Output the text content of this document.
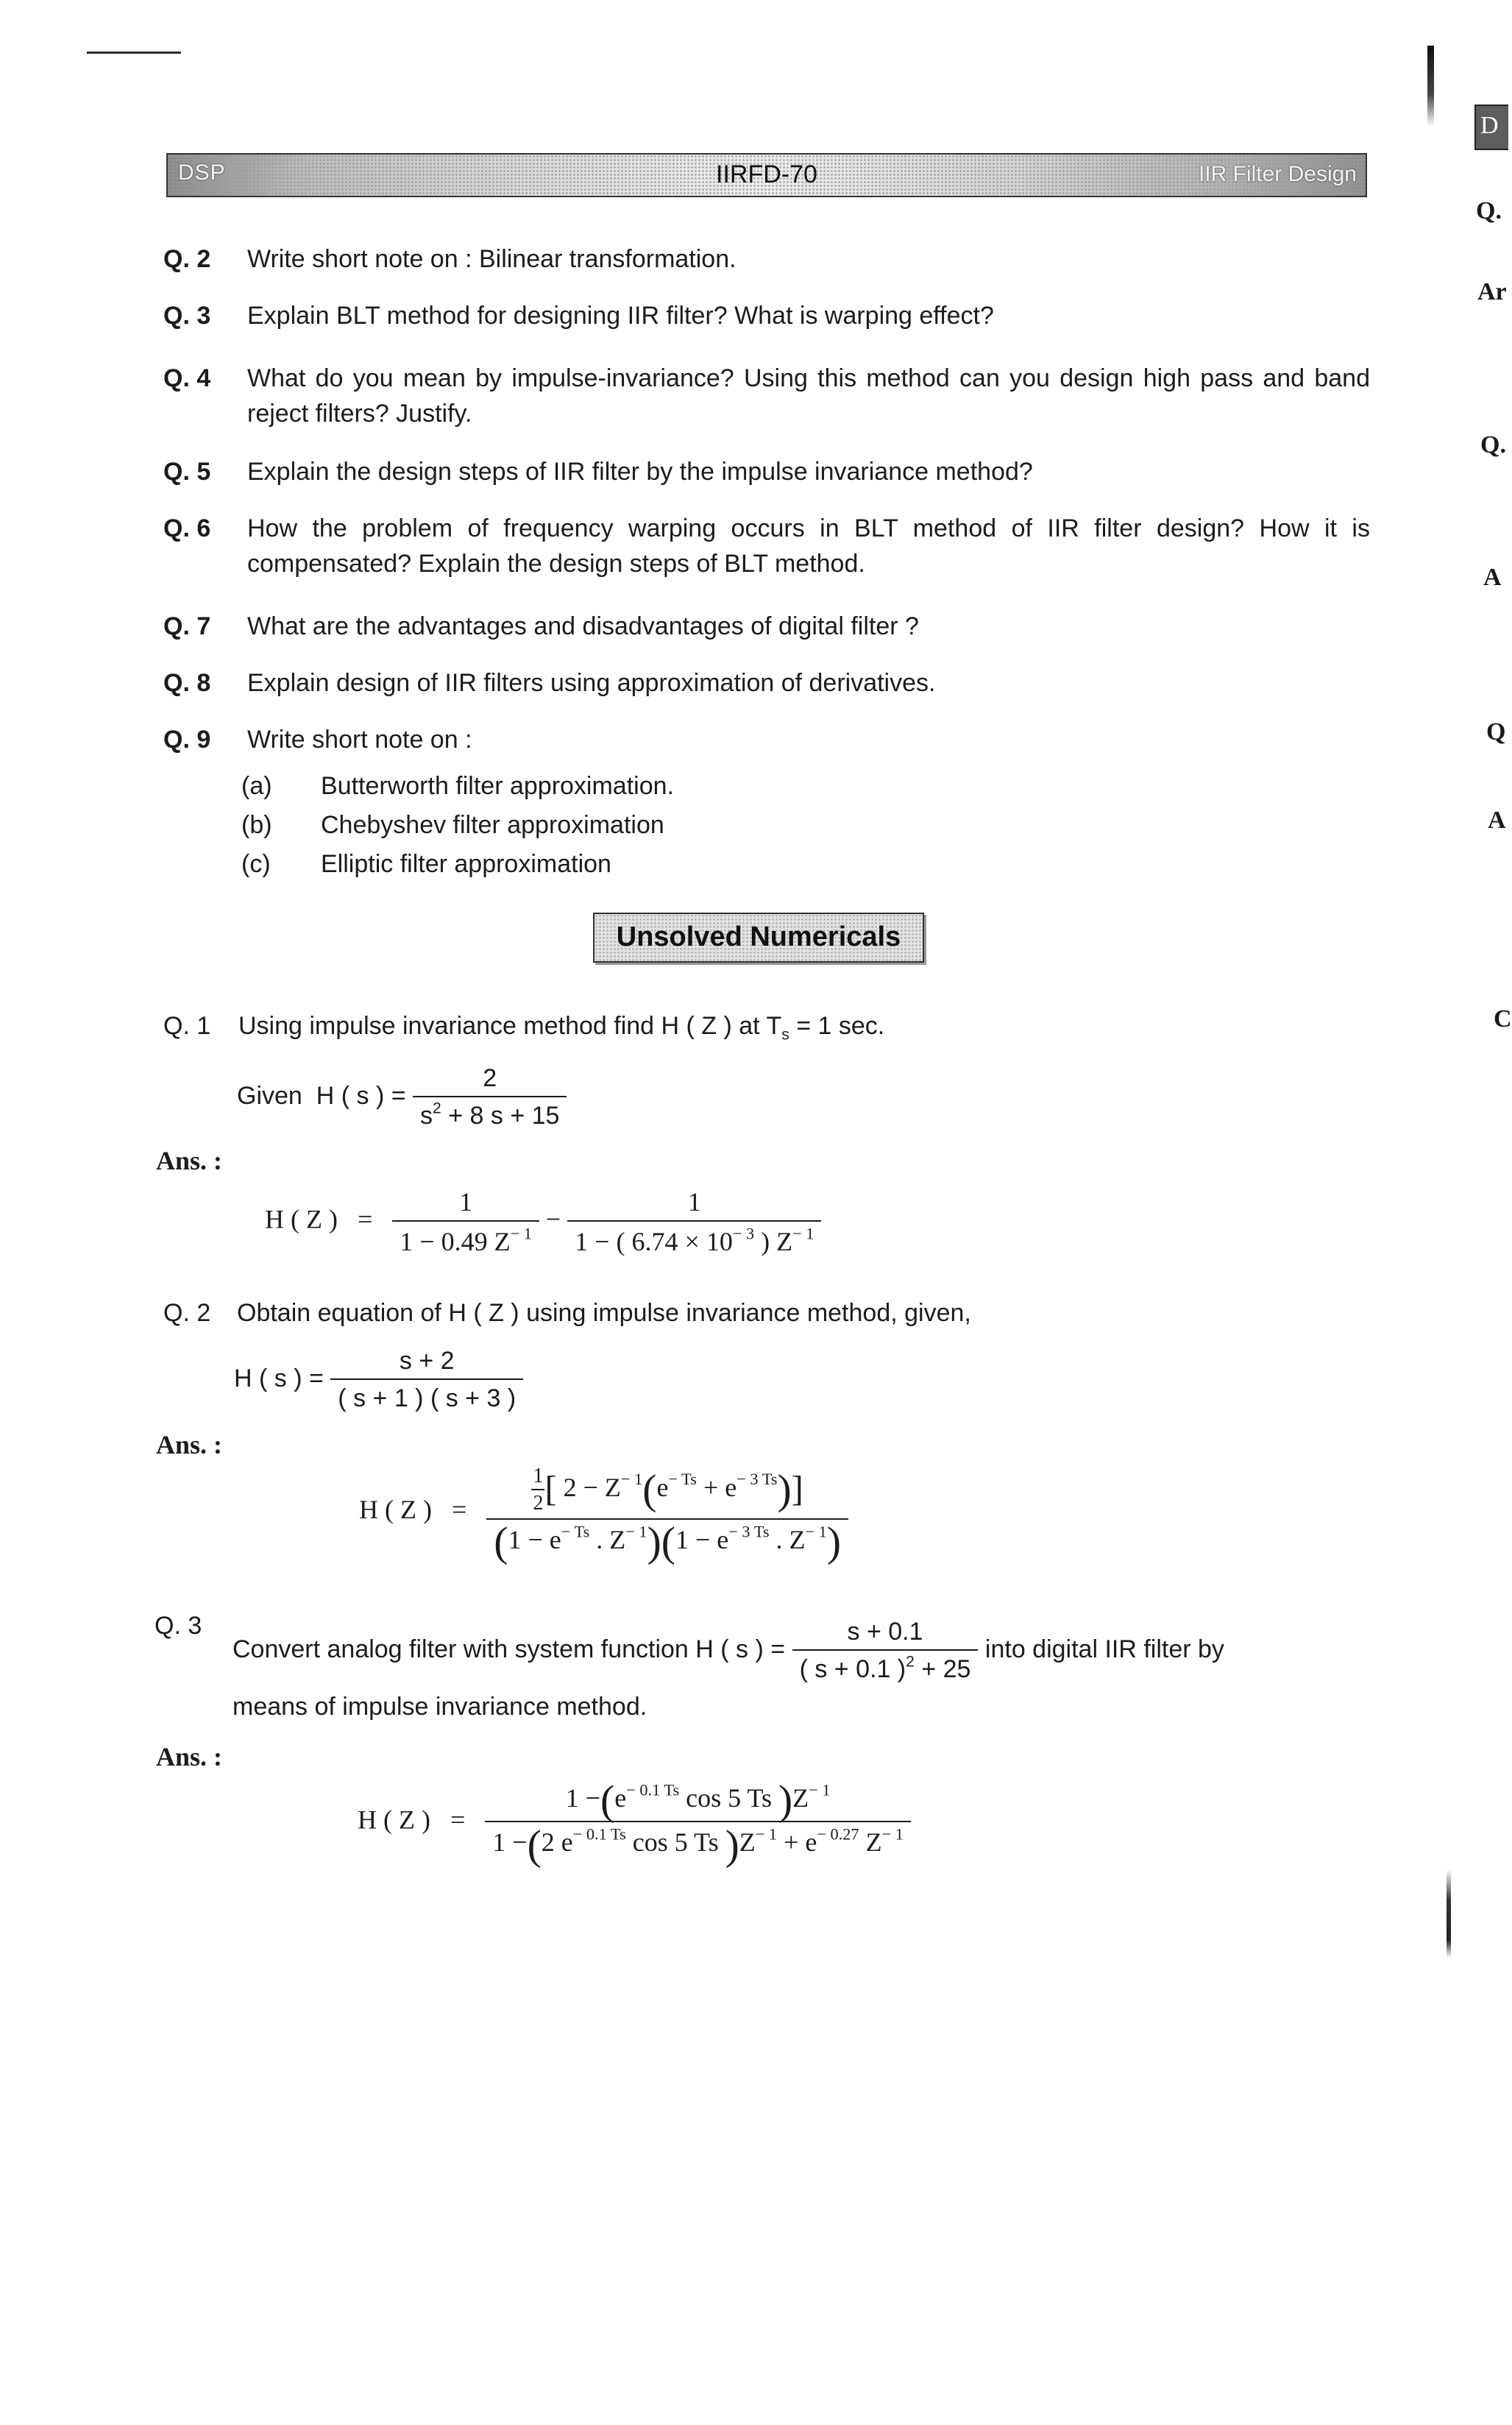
DSP	IIRFD-70	IIR Filter Design
Q. 2 Write short note on : Bilinear transformation.
Q. 3 Explain BLT method for designing IIR filter? What is warping effect?
Q. 4 What do you mean by impulse-invariance? Using this method can you design high pass and band reject filters? Justify.
Q. 5 Explain the design steps of IIR filter by the impulse invariance method?
Q. 6 How the problem of frequency warping occurs in BLT method of IIR filter design? How it is compensated? Explain the design steps of BLT method.
Q. 7 What are the advantages and disadvantages of digital filter ?
Q. 8 Explain design of IIR filters using approximation of derivatives.
Q. 9 Write short note on :
(a) Butterworth filter approximation.
(b) Chebyshev filter approximation
(c) Elliptic filter approximation
Unsolved Numericals
Q. 1 Using impulse invariance method find H ( Z ) at $T_s = 1$ sec.
Given H ( s ) = $\frac{2}{s^2 + 8 s + 15}$
Ans. :
H ( Z ) = $\frac{1}{1 - 0.49 Z^{- 1}} - \frac{1}{1 - ( 6.74 \times 10^{- 3} ) Z^{- 1}}$
Q. 2 Obtain equation of H ( Z ) using impulse invariance method, given,
H ( s ) = $\frac{s + 2}{( s + 1 ) ( s + 3 )}$
Ans. :
H ( Z ) = $\frac{\frac{1}{2} [ 2 - Z^{- 1}(e^{- Ts} + e^{- 3 Ts})]}{(1 - e^{- Ts} . Z^{- 1})(1 - e^{- 3 Ts} . Z^{- 1})}$
Q. 3
Convert analog filter with system function H ( s ) = $\frac{s + 0.1}{( s + 0.1 )^2 + 25}$ into digital IIR filter by
means of impulse invariance method.
Ans. :
H ( Z ) = $\frac{1 -(e^{- 0.1 Ts} \cos 5 Ts )Z^{- 1}}{1 -(2 e^{- 0.1 Ts} \cos 5 Ts )Z^{- 1} + e^{- 0.27} Z^{- 1}}$
D
Q.
Ar
Q.
A
Q
A
C
